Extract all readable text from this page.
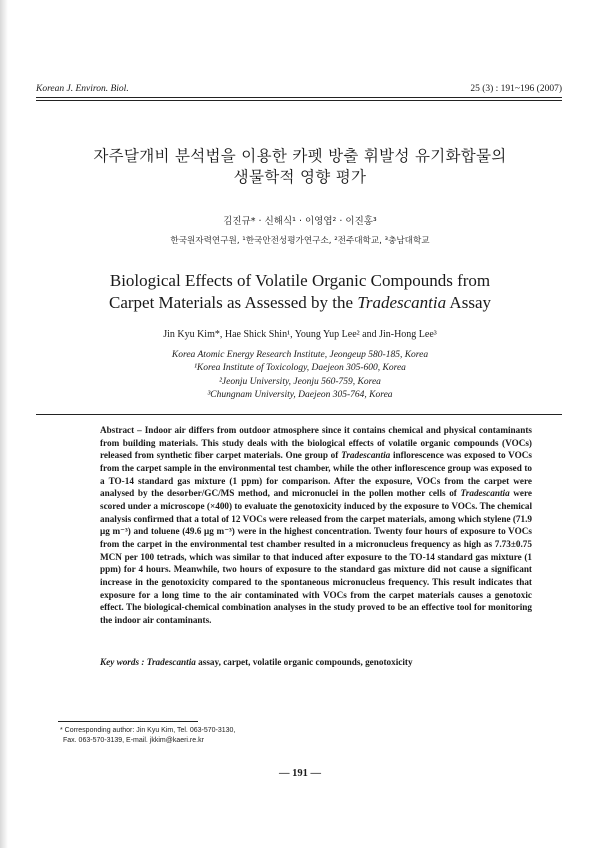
Korean J. Environ. Biol.	25 (3) : 191~196 (2007)
자주달개비 분석법을 이용한 카펫 방출 휘발성 유기화합물의
생물학적 영향 평가
김진규* · 신해식¹ · 이영엽² · 이진홍³
한국원자력연구원, ¹한국안전성평가연구소, ²전주대학교, ³충남대학교
Biological Effects of Volatile Organic Compounds from
Carpet Materials as Assessed by the Tradescantia Assay
Jin Kyu Kim*, Hae Shick Shin¹, Young Yup Lee² and Jin-Hong Lee³
Korea Atomic Energy Research Institute, Jeongeup 580-185, Korea
¹Korea Institute of Toxicology, Daejeon 305-600, Korea
²Jeonju University, Jeonju 560-759, Korea
³Chungnam University, Daejeon 305-764, Korea

Abstract – Indoor air differs from outdoor atmosphere since it contains chemical and physical contaminants from building materials. This study deals with the biological effects of volatile organic compounds (VOCs) released from synthetic fiber carpet materials. One group of Tradescantia inflorescence was exposed to VOCs from the carpet sample in the environmental test chamber, while the other inflorescence group was exposed to a TO-14 standard gas mixture (1 ppm) for comparison. After the exposure, VOCs from the carpet were analysed by the desorber/GC/MS method, and micronuclei in the pollen mother cells of Tradescantia were scored under a microscope (×400) to evaluate the genotoxicity induced by the exposure to VOCs. The chemical analysis confirmed that a total of 12 VOCs were released from the carpet materials, among which stylene (71.9 μg m⁻³) and toluene (49.6 μg m⁻³) were in the highest concentration. Twenty four hours of exposure to VOCs from the carpet in the environmental test chamber resulted in a micronucleus frequency as high as 7.73±0.75 MCN per 100 tetrads, which was similar to that induced after exposure to the TO-14 standard gas mixture (1 ppm) for 4 hours. Meanwhile, two hours of exposure to the standard gas mixture did not cause a significant increase in the genotoxicity compared to the spontaneous micronucleus frequency. This result indicates that exposure for a long time to the air contaminated with VOCs from the carpet materials causes a genotoxic effect. The biological-chemical combination analyses in the study proved to be an effective tool for monitoring the indoor air contaminants.

Key words : Tradescantia assay, carpet, volatile organic compounds, genotoxicity
* Corresponding author: Jin Kyu Kim, Tel. 063-570-3130,
Fax. 063-570-3139, E-mail. jkkim@kaeri.re.kr
— 191 —
